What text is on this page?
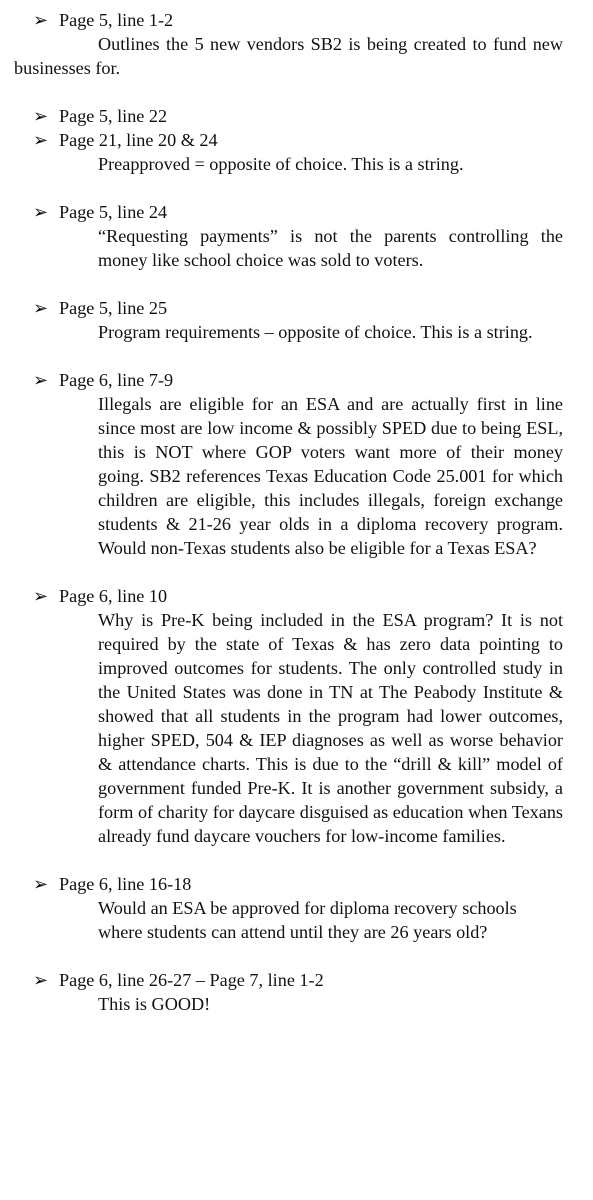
➢ Page 5, line 1-2
Outlines the 5 new vendors SB2 is being created to fund new businesses for.
➢ Page 5, line 22
➢ Page 21, line 20 & 24
Preapproved = opposite of choice. This is a string.
➢ Page 5, line 24
“Requesting payments” is not the parents controlling the money like school choice was sold to voters.
➢ Page 5, line 25
Program requirements – opposite of choice. This is a string.
➢ Page 6, line 7-9
Illegals are eligible for an ESA and are actually first in line since most are low income & possibly SPED due to being ESL, this is NOT where GOP voters want more of their money going. SB2 references Texas Education Code 25.001 for which children are eligible, this includes illegals, foreign exchange students & 21-26 year olds in a diploma recovery program. Would non-Texas students also be eligible for a Texas ESA?
➢ Page 6, line 10
Why is Pre-K being included in the ESA program? It is not required by the state of Texas & has zero data pointing to improved outcomes for students. The only controlled study in the United States was done in TN at The Peabody Institute & showed that all students in the program had lower outcomes, higher SPED, 504 & IEP diagnoses as well as worse behavior & attendance charts. This is due to the “drill & kill” model of government funded Pre-K. It is another government subsidy, a form of charity for daycare disguised as education when Texans already fund daycare vouchers for low-income families.
➢ Page 6, line 16-18
Would an ESA be approved for diploma recovery schools where students can attend until they are 26 years old?
➢ Page 6, line 26-27 – Page 7, line 1-2
This is GOOD!
